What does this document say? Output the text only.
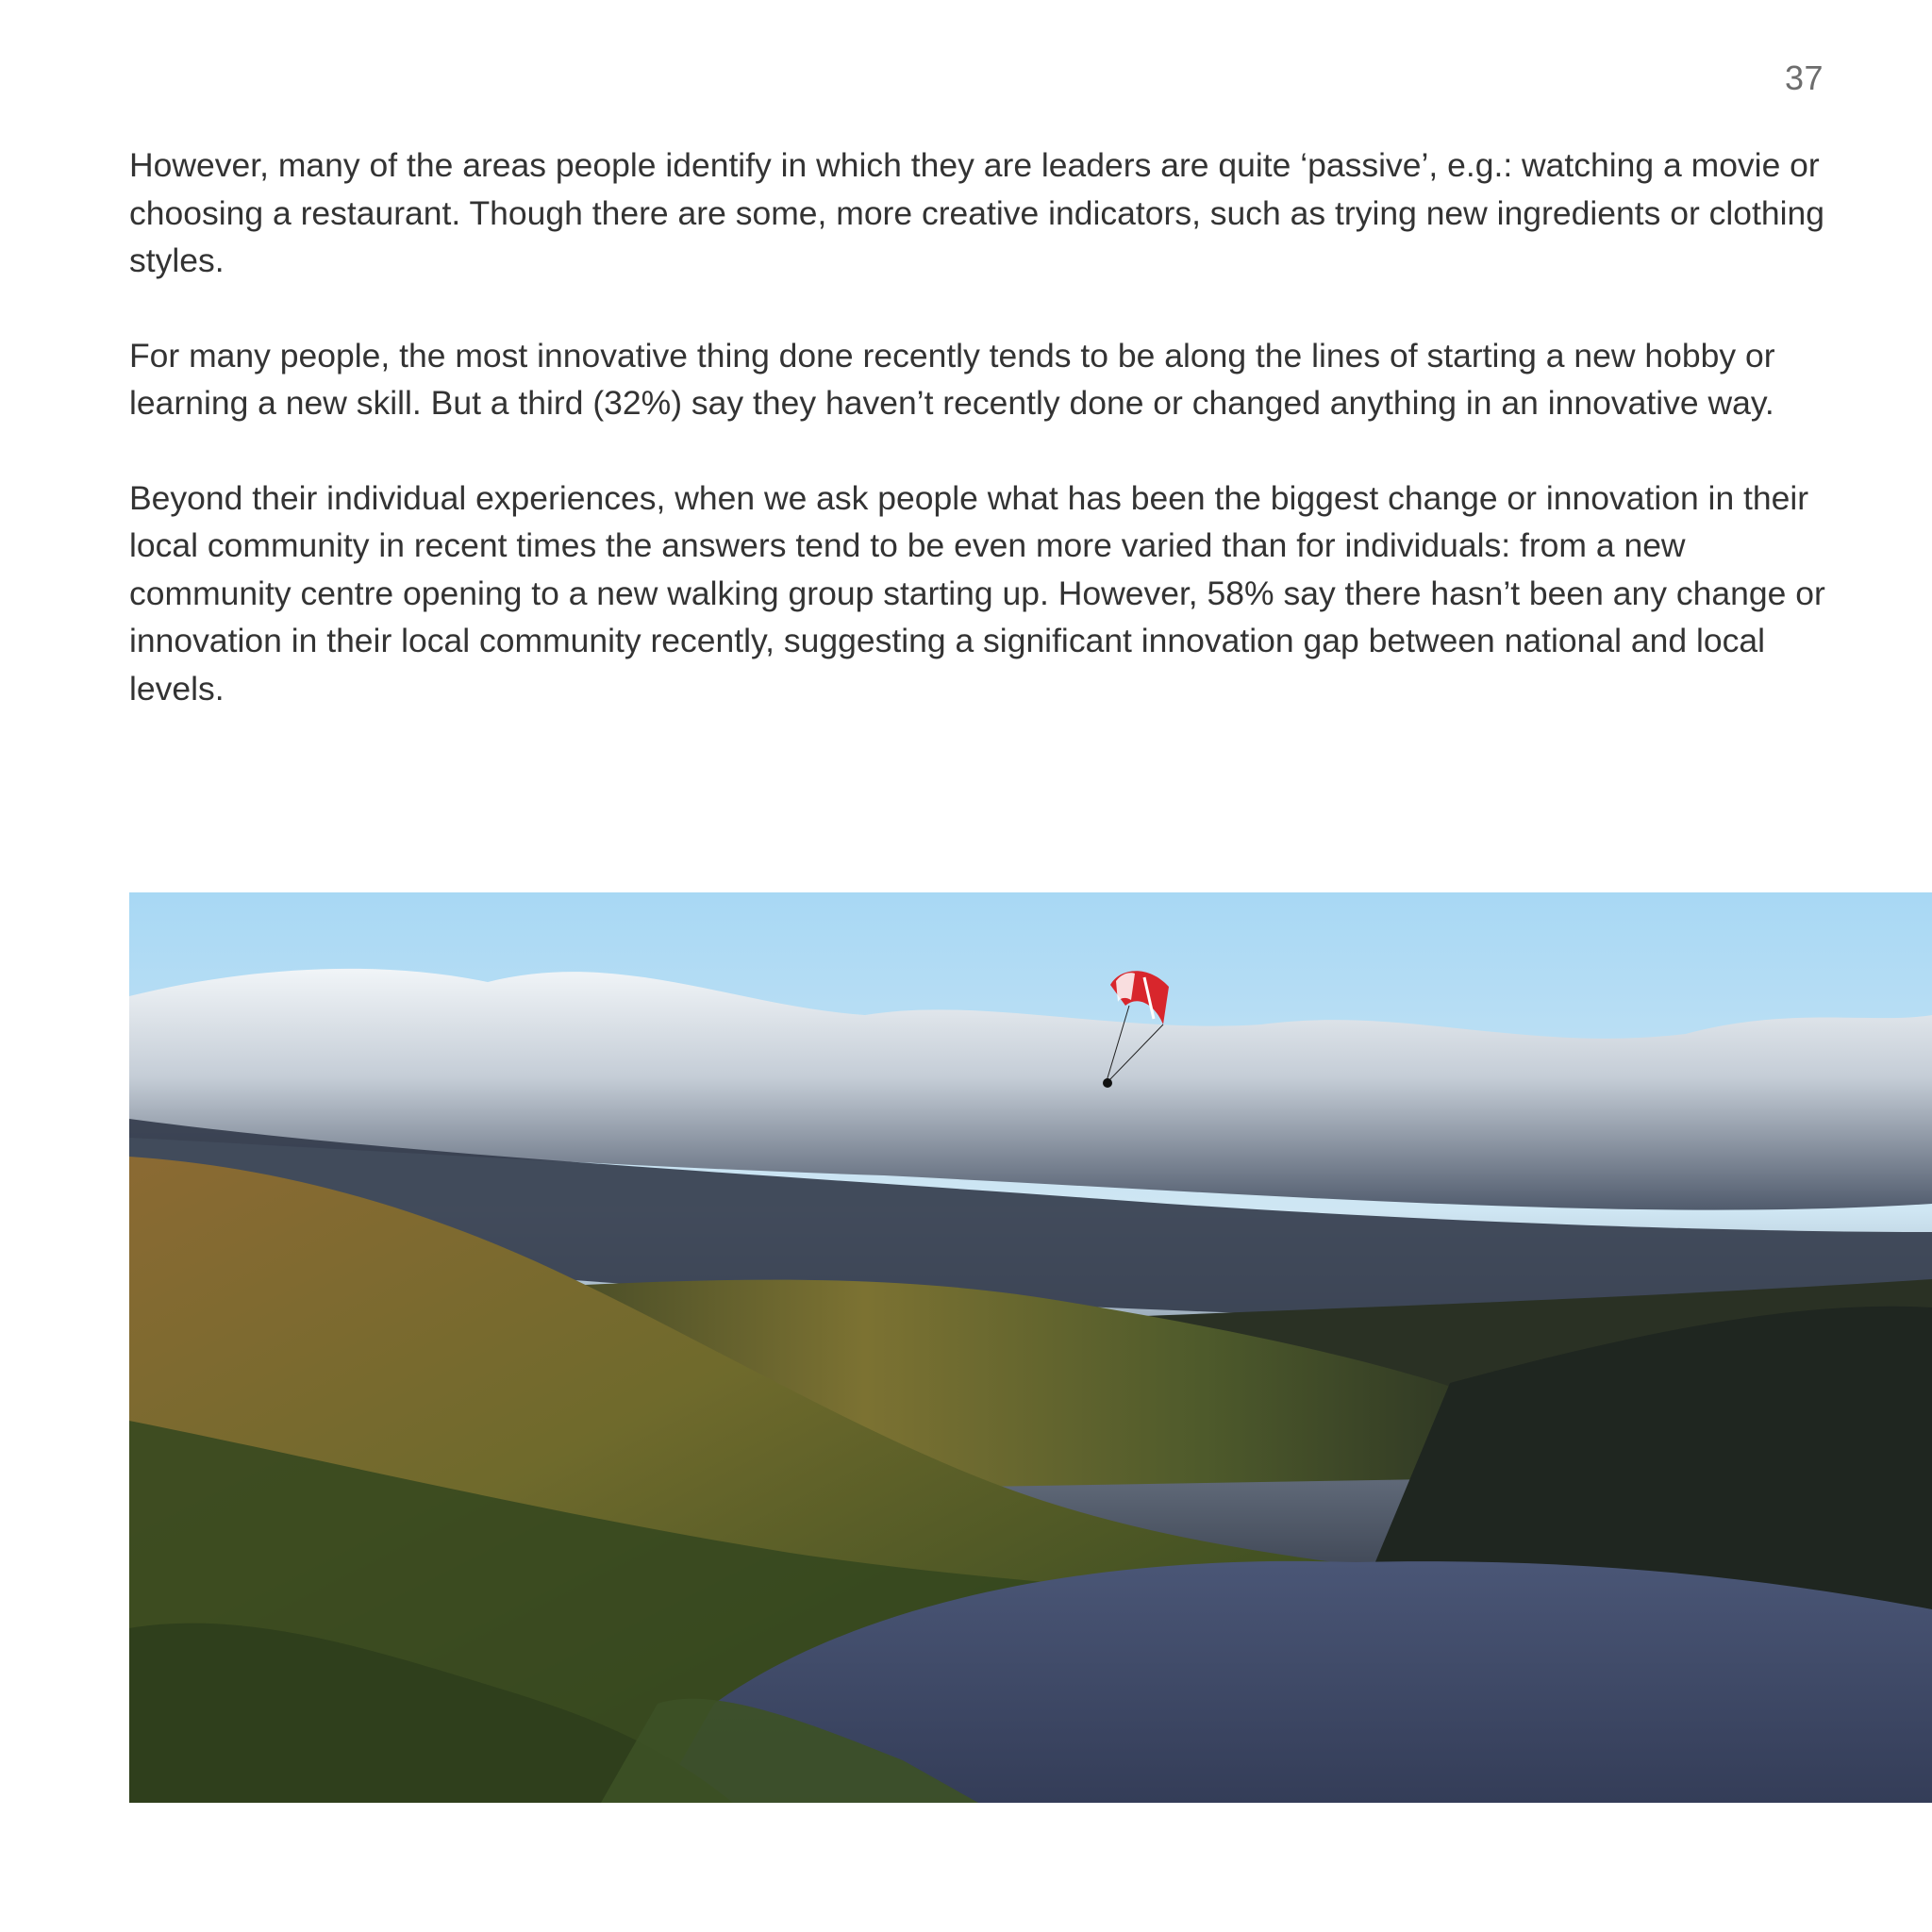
37

However, many of the areas people identify in which they are leaders are quite ‘passive’, e.g.: watching a movie or choosing a restaurant. Though there are some, more creative indicators, such as trying new ingredients or clothing styles.

For many people, the most innovative thing done recently tends to be along the lines of starting a new hobby or learning a new skill. But a third (32%) say they haven’t recently done or changed anything in an innovative way.

Beyond their individual experiences, when we ask people what has been the biggest change or innovation in their local community in recent times the answers tend to be even more varied than for individuals: from a new community centre opening to a new walking group starting up. However, 58% say there hasn’t been any change or innovation in their local community recently, suggesting a significant innovation gap between national and local levels.
